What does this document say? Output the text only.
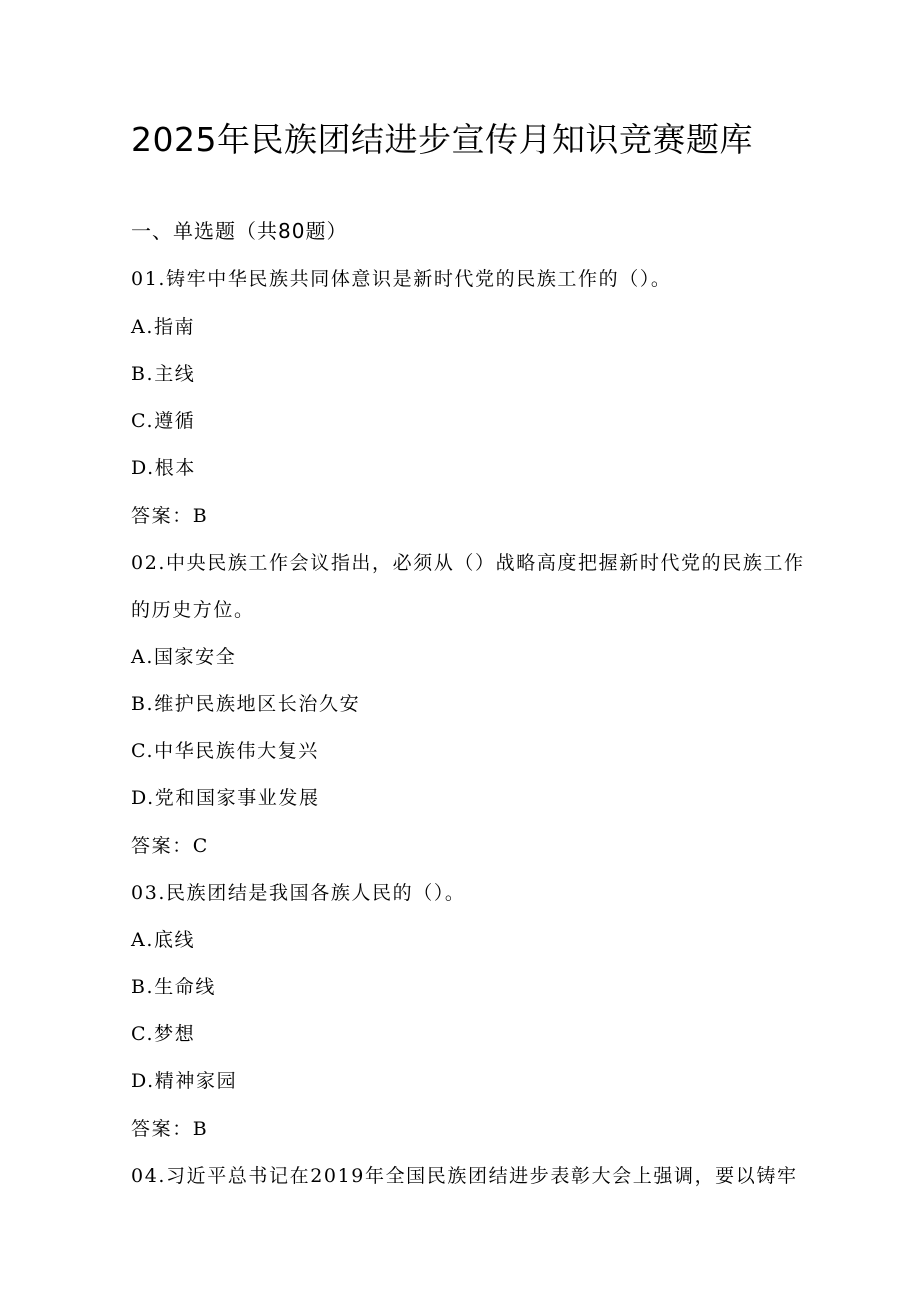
2025年民族团结进步宣传月知识竞赛题库
一、单选题（共80题）
01.铸牢中华民族共同体意识是新时代党的民族工作的（）。
A.指南
B.主线
C.遵循
D.根本
答案：B
02.中央民族工作会议指出，必须从（）战略高度把握新时代党的民族工作
的历史方位。
A.国家安全
B.维护民族地区长治久安
C.中华民族伟大复兴
D.党和国家事业发展
答案：C
03.民族团结是我国各族人民的（）。
A.底线
B.生命线
C.梦想
D.精神家园
答案：B
04.习近平总书记在2019年全国民族团结进步表彰大会上强调，要以铸牢
